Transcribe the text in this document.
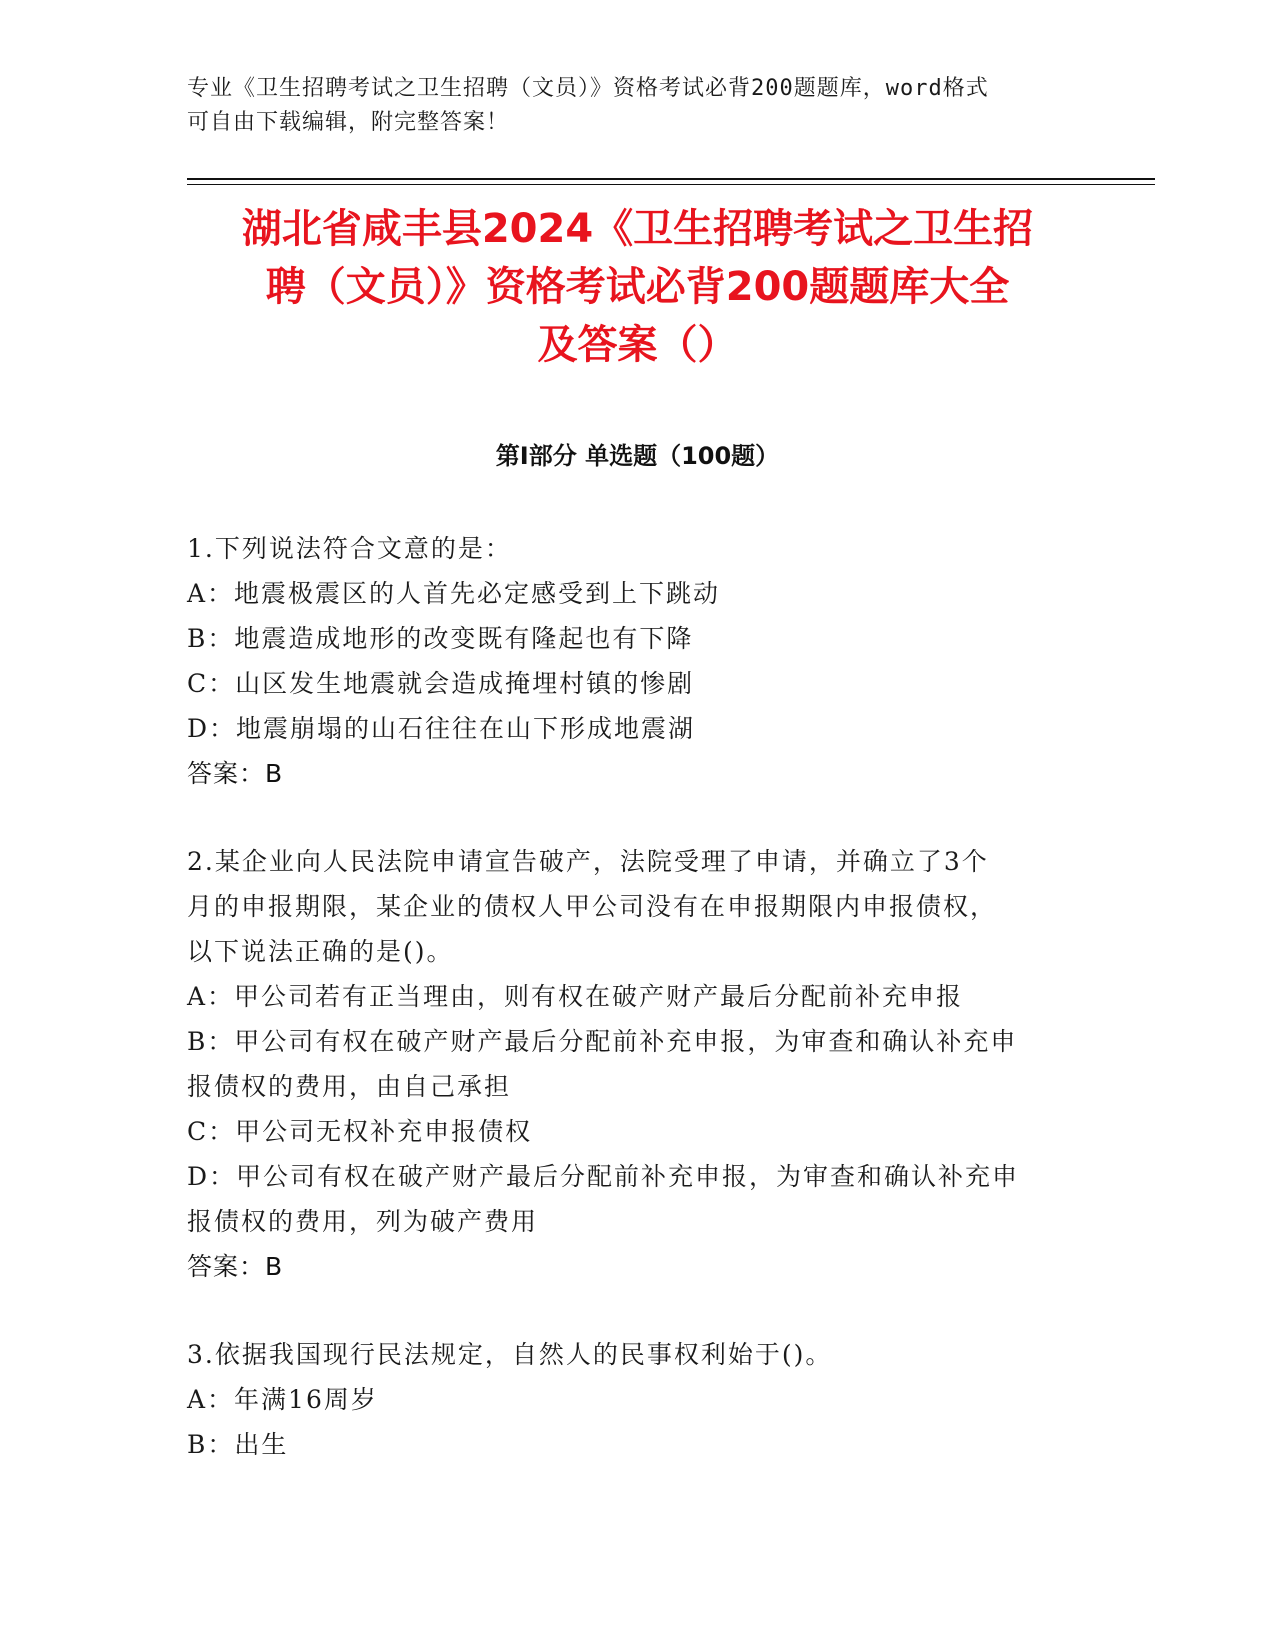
专业《卫生招聘考试之卫生招聘（文员）》资格考试必背200题题库，word格式
可自由下载编辑，附完整答案！
湖北省咸丰县2024《卫生招聘考试之卫生招
聘（文员）》资格考试必背200题题库大全
及答案（）
第I部分 单选题（100题）
1.下列说法符合文意的是：
A：地震极震区的人首先必定感受到上下跳动
B：地震造成地形的改变既有隆起也有下降
C：山区发生地震就会造成掩埋村镇的惨剧
D：地震崩塌的山石往往在山下形成地震湖
答案：B
2.某企业向人民法院申请宣告破产，法院受理了申请，并确立了3个
月的申报期限，某企业的债权人甲公司没有在申报期限内申报债权，
以下说法正确的是()。
A：甲公司若有正当理由，则有权在破产财产最后分配前补充申报
B：甲公司有权在破产财产最后分配前补充申报，为审查和确认补充申
报债权的费用，由自己承担
C：甲公司无权补充申报债权
D：甲公司有权在破产财产最后分配前补充申报，为审查和确认补充申
报债权的费用，列为破产费用
答案：B
3.依据我国现行民法规定，自然人的民事权利始于()。
A：年满16周岁
B：出生
